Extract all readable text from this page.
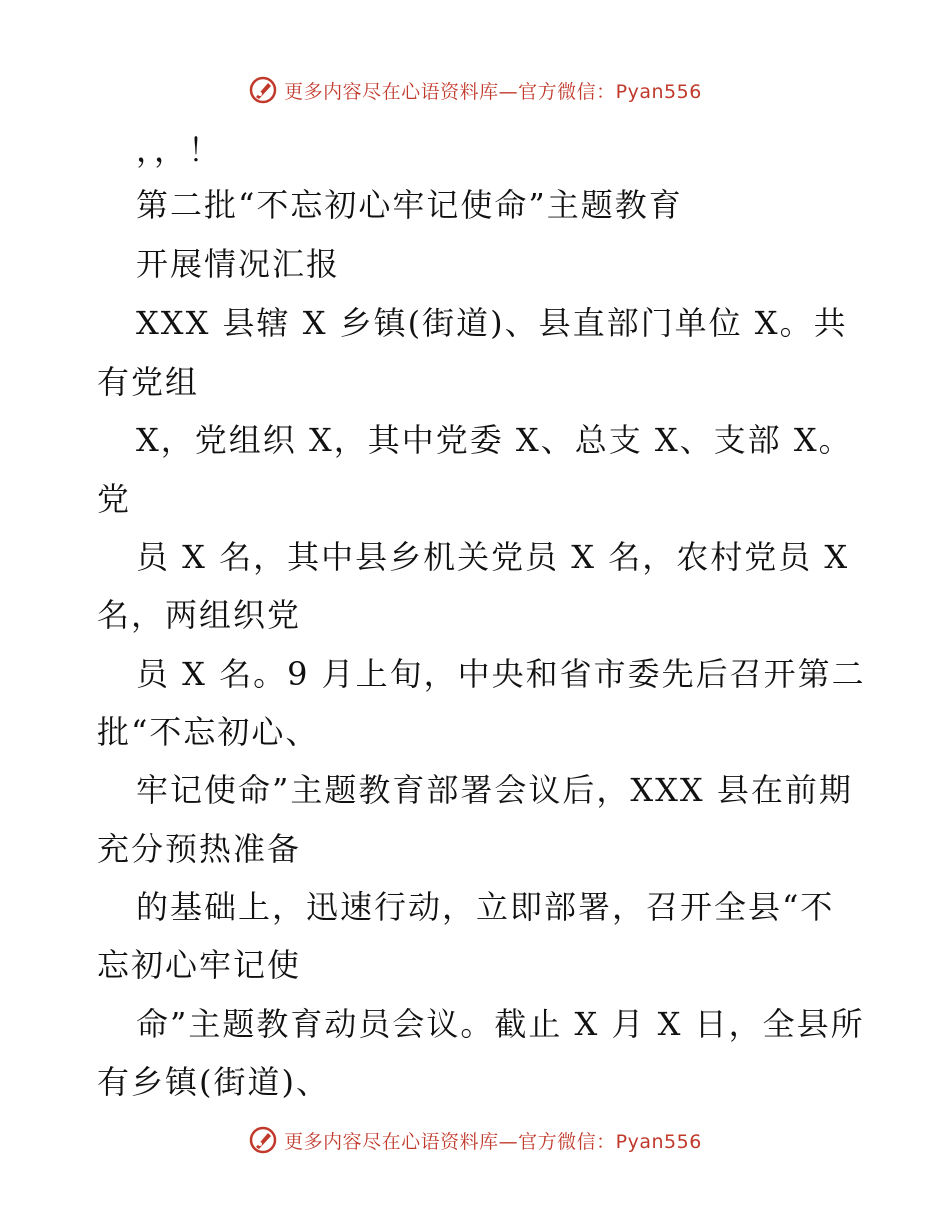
更多内容尽在心语资料库—官方微信：Pyan556
，，！
第二批“不忘初心牢记使命”主题教育
开展情况汇报
XXX 县辖 X 乡镇(街道)、县直部门单位 X。共
有党组
X，党组织 X，其中党委 X、总支 X、支部 X。
党
员 X 名，其中县乡机关党员 X 名，农村党员 X
名，两组织党
员 X 名。9 月上旬，中央和省市委先后召开第二
批“不忘初心、
牢记使命”主题教育部署会议后，XXX 县在前期
充分预热准备
的基础上，迅速行动，立即部署，召开全县“不
忘初心牢记使
命”主题教育动员会议。截止 X 月 X 日，全县所
有乡镇(街道)、
更多内容尽在心语资料库—官方微信：Pyan556
